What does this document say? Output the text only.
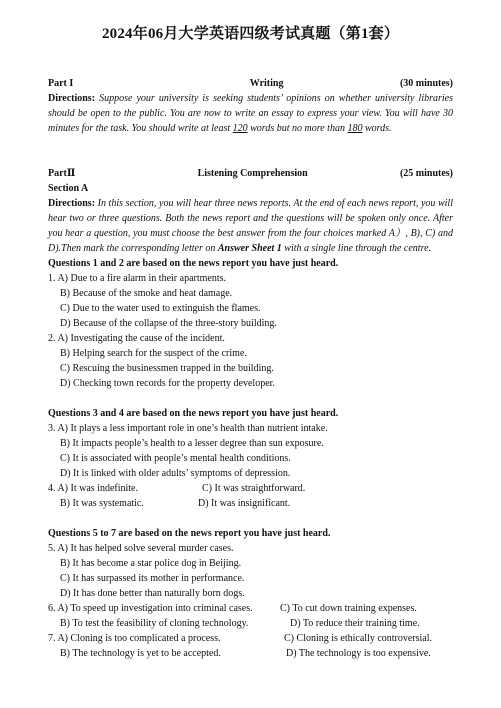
2024年06月大学英语四级考试真题（第1套）
Part I	Writing	(30 minutes)

Directions: Suppose your university is seeking students’ opinions on whether university libraries should be open to the public. You are now to write an essay to express your view. You will have 30 minutes for the task. You should write at least 120 words but no more than 180 words.

PartⅡ	Listening Comprehension	(25 minutes)

Section A

Directions: In this section, you will hear three news reports. At the end of each news report, you will hear two or three questions. Both the news report and the questions will be spoken only once. After you hear a question, you must choose the best answer from the four choices marked A）, B), C) and D).Then mark the corresponding letter on Answer Sheet 1 with a single line through the centre.

Questions 1 and 2 are based on the news report you have just heard.

1. A) Due to a fire alarm in their apartments.

B) Because of the smoke and heat damage.

C) Due to the water used to extinguish the flames.

D) Because of the collapse of the three-story building.

2. A) Investigating the cause of the incident.

B) Helping search for the suspect of the crime.

C) Rescuing the businessmen trapped in the building.

D) Checking town records for the property developer.

Questions 3 and 4 are based on the news report you have just heard.

3. A) It plays a less important role in one’s health than nutrient intake.

B) It impacts people’s health to a lesser degree than sun exposure.

C) It is associated with people’s mental health conditions.

D) It is linked with older adults’ symptoms of depression.

4. A) It was indefinite.	C) It was straightforward.
B) It was systematic.	D) It was insignificant.

Questions 5 to 7 are based on the news report you have just heard.

5. A) It has helped solve several murder cases.

B) It has become a star police dog in Beijing.

C) It has surpassed its mother in performance.

D) It has done better than naturally born dogs.

6. A) To speed up investigation into criminal cases.	C) To cut down training expenses.
B) To test the feasibility of cloning technology.	D) To reduce their training time.
7. A) Cloning is too complicated a process.	C) Cloning is ethically controversial.
B) The technology is yet to be accepted.	D) The technology is too expensive.
